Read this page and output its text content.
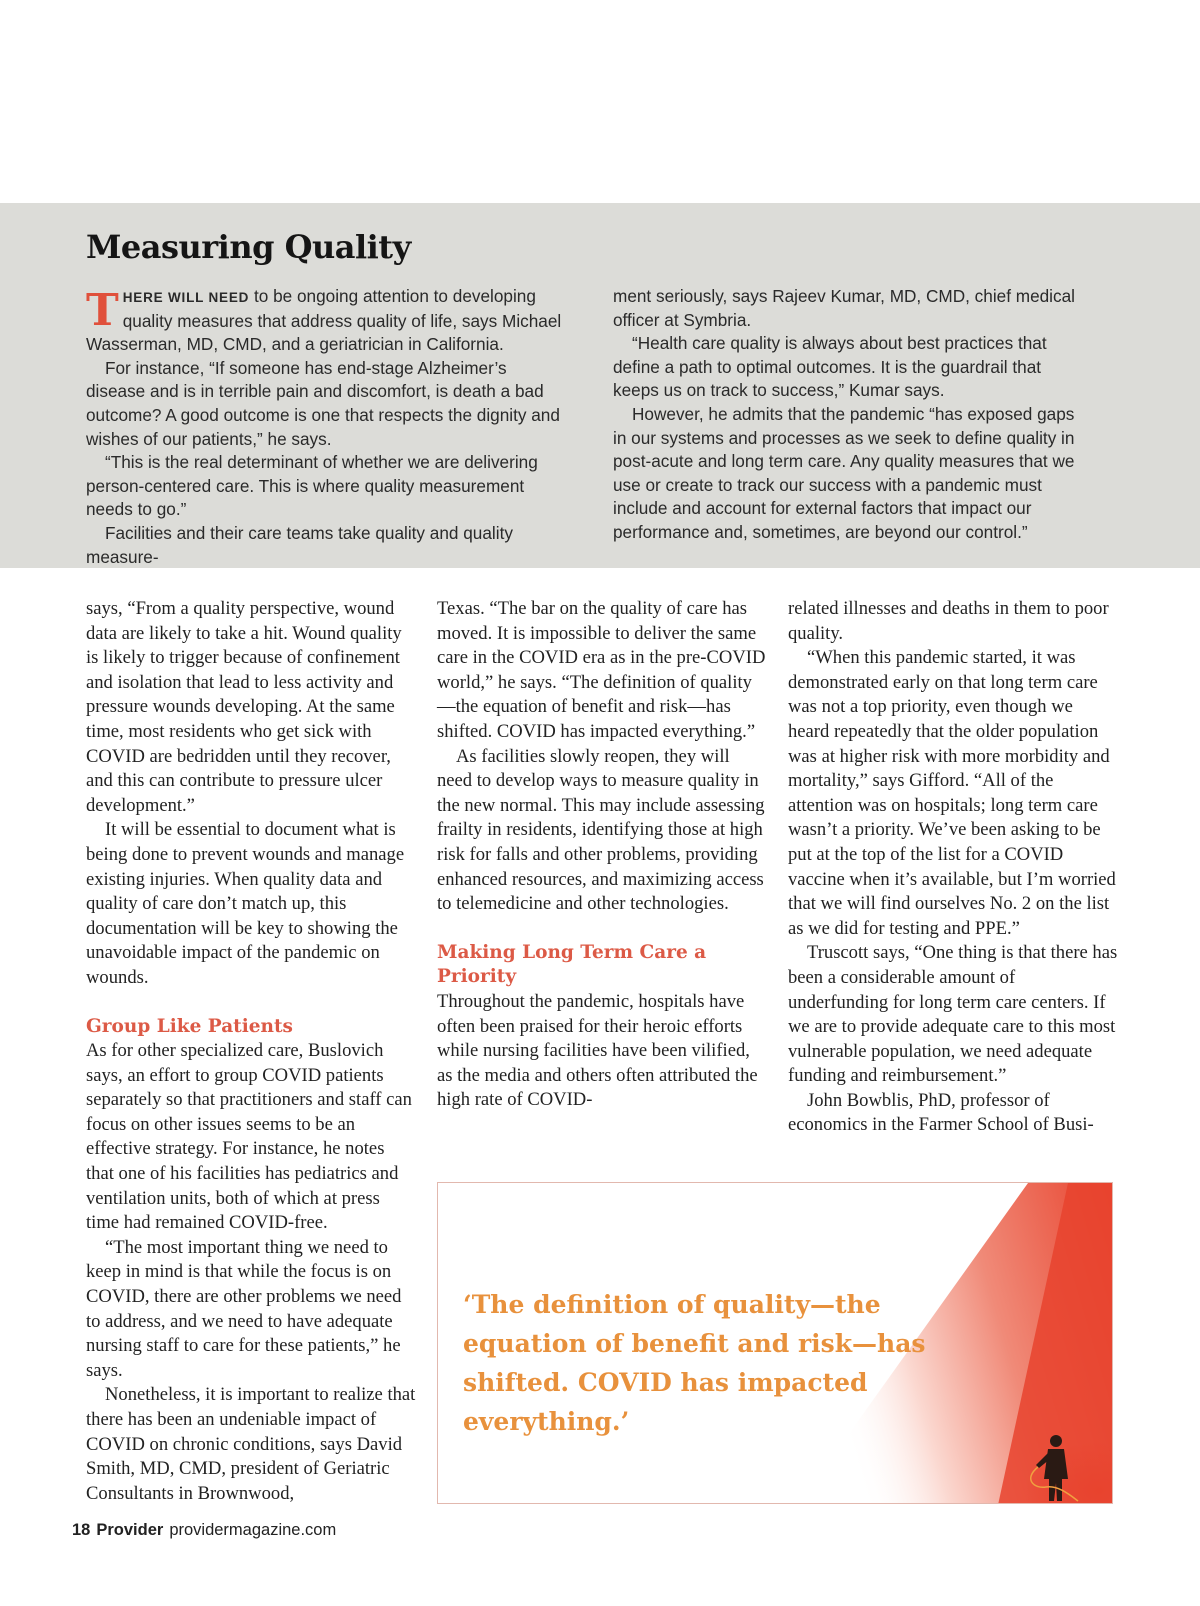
Measuring Quality

THERE WILL NEED to be ongoing attention to developing quality measures that address quality of life, says Michael Wasserman, MD, CMD, and a geriatrician in California.

For instance, “If someone has end-stage Alzheimer’s disease and is in terrible pain and discomfort, is death a bad outcome? A good outcome is one that respects the dignity and wishes of our patients,” he says.

“This is the real determinant of whether we are delivering person-centered care. This is where quality measurement needs to go.”

Facilities and their care teams take quality and quality measure-

ment seriously, says Rajeev Kumar, MD, CMD, chief medical officer at Symbria.

“Health care quality is always about best practices that define a path to optimal outcomes. It is the guardrail that keeps us on track to success,” Kumar says.

However, he admits that the pandemic “has exposed gaps in our systems and processes as we seek to define quality in post-acute and long term care. Any quality measures that we use or create to track our success with a pandemic must include and account for external factors that impact our performance and, sometimes, are beyond our control.”

says, “From a quality perspective, wound data are likely to take a hit. Wound quality is likely to trigger because of confinement and isolation that lead to less activity and pressure wounds developing. At the same time, most residents who get sick with COVID are bedridden until they recover, and this can contribute to pressure ulcer development.”

It will be essential to document what is being done to prevent wounds and manage existing injuries. When quality data and quality of care don’t match up, this documentation will be key to showing the unavoidable impact of the pandemic on wounds.

Group Like Patients

As for other specialized care, Buslovich says, an effort to group COVID patients separately so that practitioners and staff can focus on other issues seems to be an effective strategy. For instance, he notes that one of his facilities has pediatrics and ventilation units, both of which at press time had remained COVID-free.

“The most important thing we need to keep in mind is that while the focus is on COVID, there are other problems we need to address, and we need to have adequate nursing staff to care for these patients,” he says.

Nonetheless, it is important to realize that there has been an undeniable impact of COVID on chronic conditions, says David Smith, MD, CMD, president of Geriatric Consultants in Brownwood,

Texas. “The bar on the quality of care has moved. It is impossible to deliver the same care in the COVID era as in the pre-COVID world,” he says. “The definition of quality—the equation of benefit and risk—has shifted. COVID has impacted everything.”

As facilities slowly reopen, they will need to develop ways to measure quality in the new normal. This may include assessing frailty in residents, identifying those at high risk for falls and other problems, providing enhanced resources, and maximizing access to telemedicine and other technologies.

Making Long Term Care a Priority

Throughout the pandemic, hospitals have often been praised for their heroic efforts while nursing facilities have been vilified, as the media and others often attributed the high rate of COVID-

related illnesses and deaths in them to poor quality.

“When this pandemic started, it was demonstrated early on that long term care was not a top priority, even though we heard repeatedly that the older population was at higher risk with more morbidity and mortality,” says Gifford. “All of the attention was on hospitals; long term care wasn’t a priority. We’ve been asking to be put at the top of the list for a COVID vaccine when it’s available, but I’m worried that we will find ourselves No. 2 on the list as we did for testing and PPE.”

Truscott says, “One thing is that there has been a considerable amount of underfunding for long term care centers. If we are to provide adequate care to this most vulnerable population, we need adequate funding and reimbursement.”

John Bowblis, PhD, professor of economics in the Farmer School of Busi-

‘The definition of quality—the equation of benefit and risk—has shifted. COVID has impacted everything.’
18 Provider providermagazine.com
